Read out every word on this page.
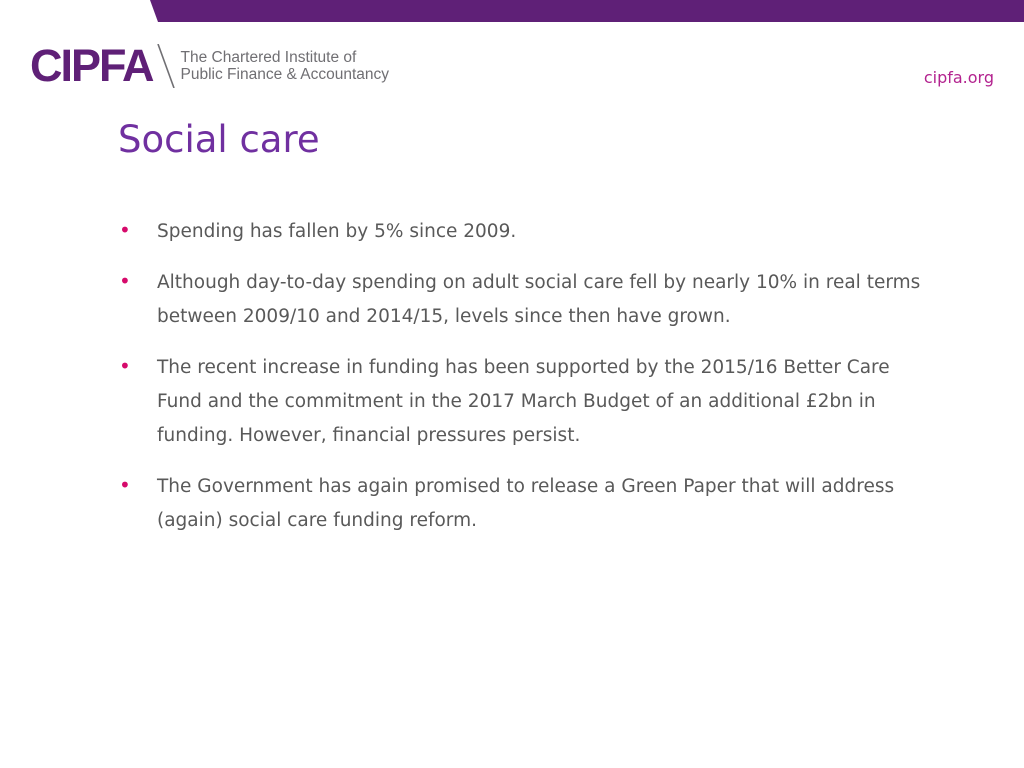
CIPFA The Chartered Institute of
Public Finance & Accountancy	cipfa.org
Social care
• Spending has fallen by 5% since 2009.
• Although day-to-day spending on adult social care fell by nearly 10% in real terms between 2009/10 and 2014/15, levels since then have grown.
• The recent increase in funding has been supported by the 2015/16 Better Care Fund and the commitment in the 2017 March Budget of an additional £2bn in funding. However, financial pressures persist.
• The Government has again promised to release a Green Paper that will address (again) social care funding reform.
